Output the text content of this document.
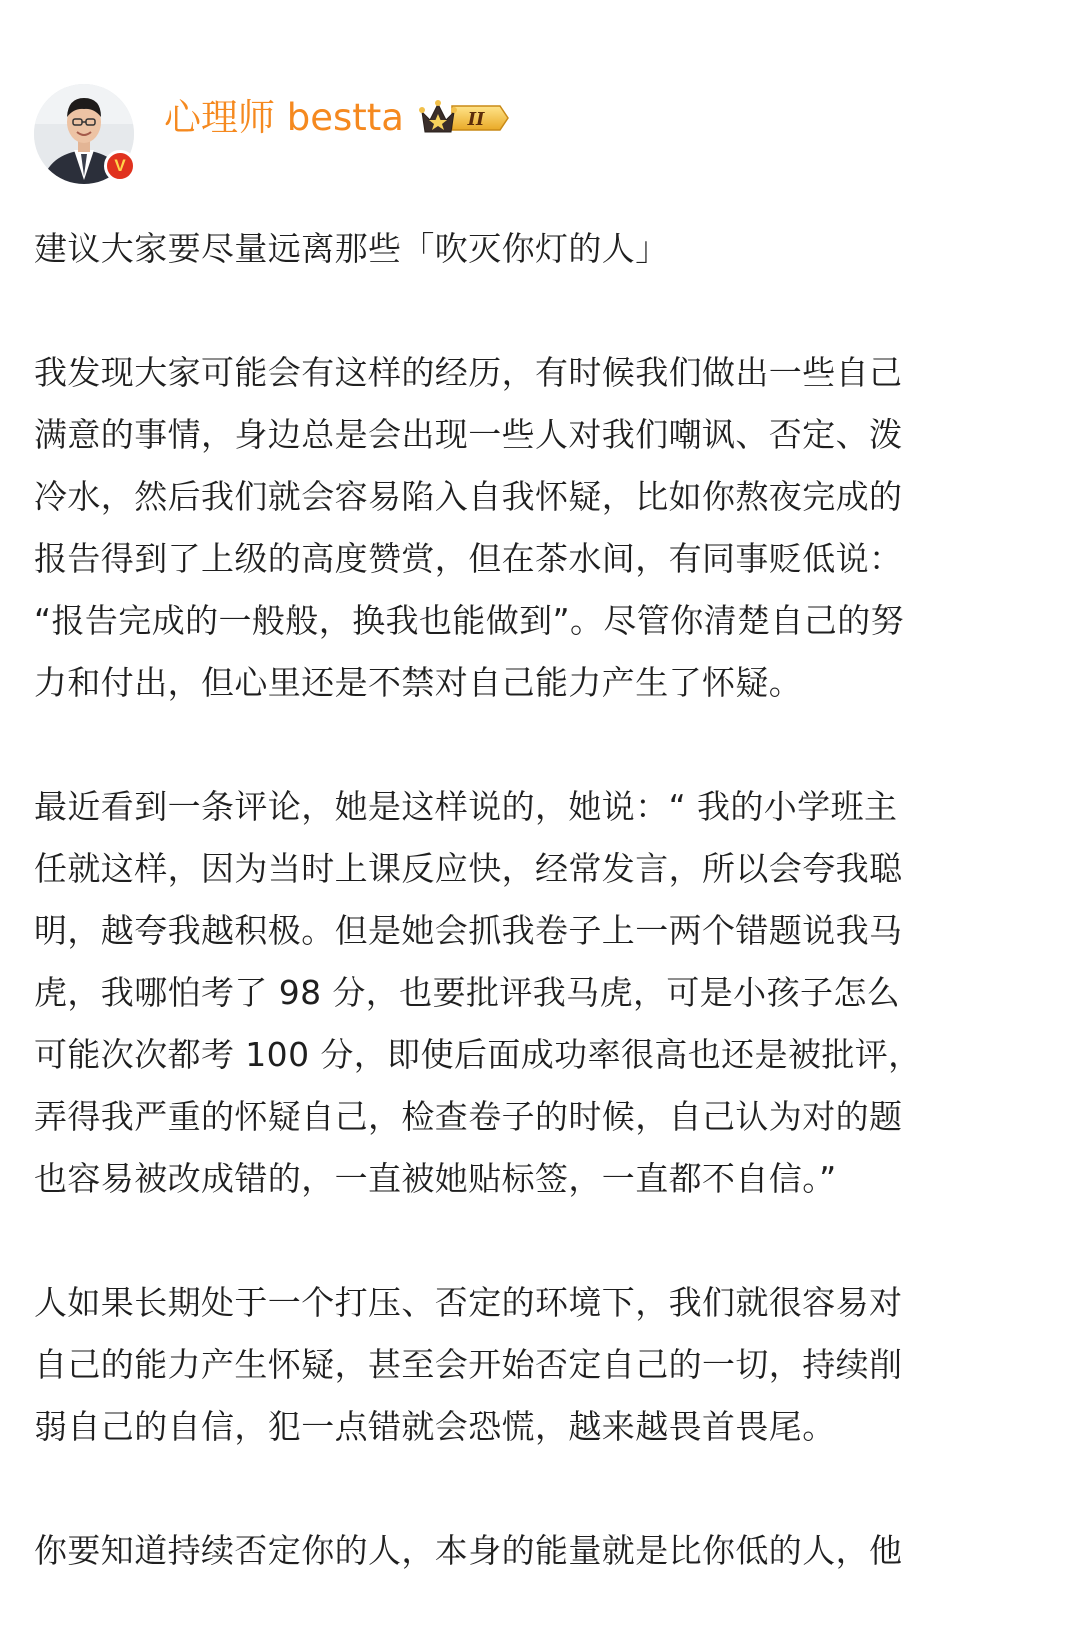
V
心理师 bestta	II

建议大家要尽量远离那些「吹灭你灯的人」

我发现大家可能会有这样的经历，有时候我们做出一些自己
满意的事情，身边总是会出现一些人对我们嘲讽、否定、泼
冷水，然后我们就会容易陷入自我怀疑，比如你熬夜完成的
报告得到了上级的高度赞赏，但在茶水间，有同事贬低说：
“报告完成的一般般，换我也能做到”。尽管你清楚自己的努
力和付出，但心里还是不禁对自己能力产生了怀疑。

最近看到一条评论，她是这样说的，她说：“ 我的小学班主
任就这样，因为当时上课反应快，经常发言，所以会夸我聪
明，越夸我越积极。但是她会抓我卷子上一两个错题说我马
虎，我哪怕考了 98 分，也要批评我马虎，可是小孩子怎么
可能次次都考 100 分，即使后面成功率很高也还是被批评，
弄得我严重的怀疑自己，检查卷子的时候，自己认为对的题
也容易被改成错的，一直被她贴标签，一直都不自信。”

人如果长期处于一个打压、否定的环境下，我们就很容易对
自己的能力产生怀疑，甚至会开始否定自己的一切，持续削
弱自己的自信，犯一点错就会恐慌，越来越畏首畏尾。

你要知道持续否定你的人，本身的能量就是比你低的人，他
